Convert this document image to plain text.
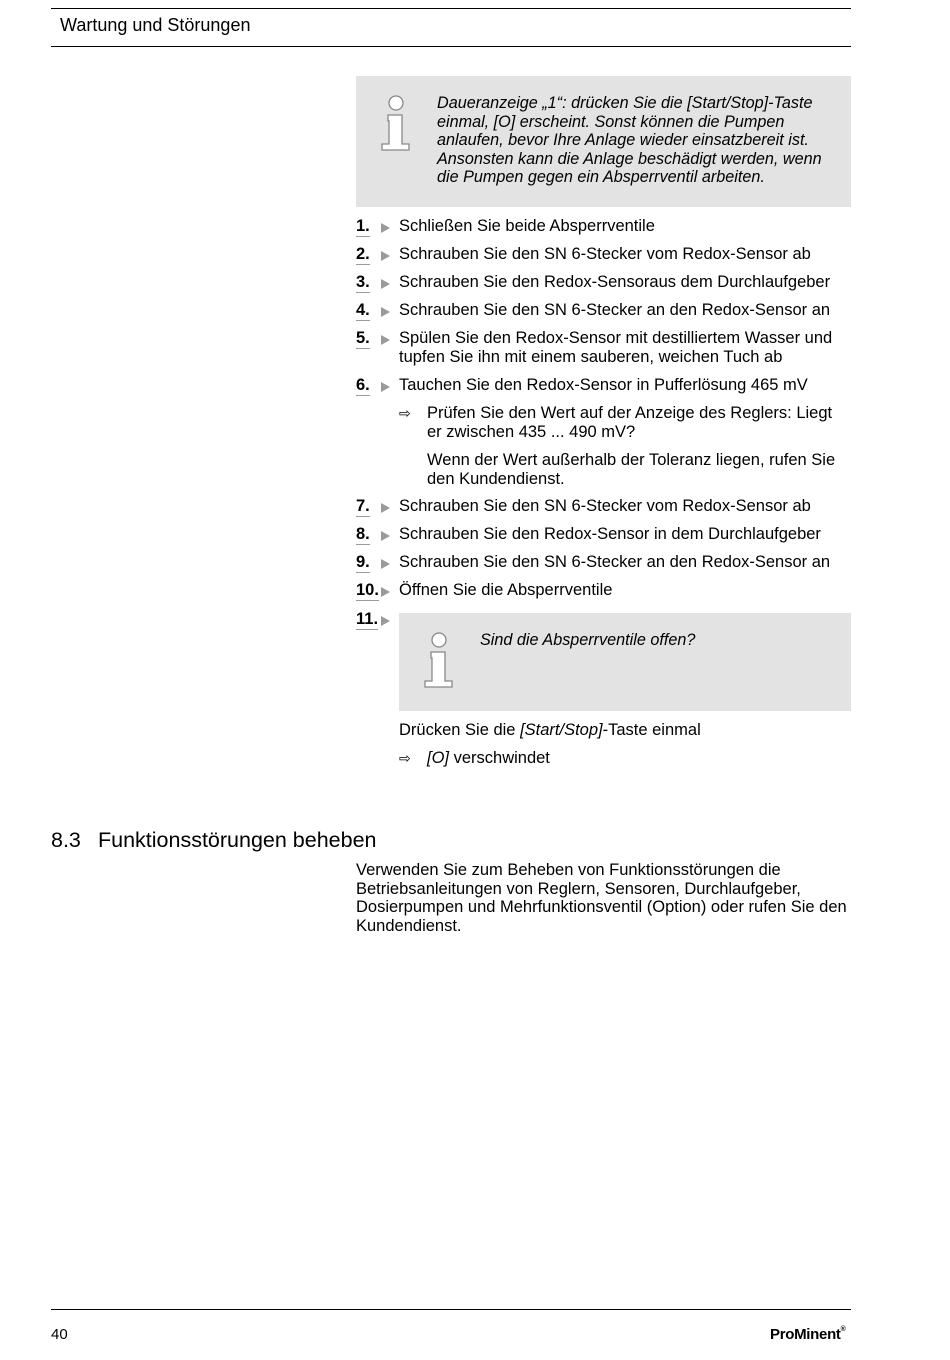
Wartung und Störungen
Daueranzeige „1“: drücken Sie die [Start/Stop]-Taste einmal, [O] erscheint. Sonst können die Pumpen anlaufen, bevor Ihre Anlage wieder einsatzbereit ist. Ansonsten kann die Anlage beschädigt werden, wenn die Pumpen gegen ein Absperrventil arbeiten.
1.	Schließen Sie beide Absperrventile
2.	Schrauben Sie den SN 6-Stecker vom Redox-Sensor ab
3.	Schrauben Sie den Redox-Sensoraus dem Durchlaufgeber
4.	Schrauben Sie den SN 6-Stecker an den Redox-Sensor an
5.	Spülen Sie den Redox-Sensor mit destilliertem Wasser und tupfen Sie ihn mit einem sauberen, weichen Tuch ab
6.	Tauchen Sie den Redox-Sensor in Pufferlösung 465 mV
⇨ Prüfen Sie den Wert auf der Anzeige des Reglers: Liegt er zwischen 435 ... 490 mV?
Wenn der Wert außerhalb der Toleranz liegen, rufen Sie den Kundendienst.
7.	Schrauben Sie den SN 6-Stecker vom Redox-Sensor ab
8.	Schrauben Sie den Redox-Sensor in dem Durchlaufgeber
9.	Schrauben Sie den SN 6-Stecker an den Redox-Sensor an
10.	Öffnen Sie die Absperrventile
11.
Sind die Absperrventile offen?
Drücken Sie die [Start/Stop]-Taste einmal
⇨ [O] verschwindet
8.3 Funktionsstörungen beheben
Verwenden Sie zum Beheben von Funktionsstörungen die Betriebsanleitungen von Reglern, Sensoren, Durchlaufgeber, Dosierpumpen und Mehrfunktionsventil (Option) oder rufen Sie den Kundendienst.
40	ProMinent®
